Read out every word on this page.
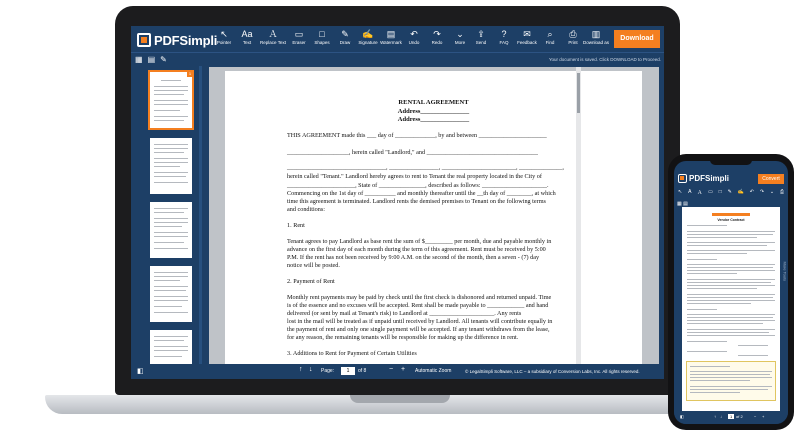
PDFSimpli ↖
Pointer
Aa
Text
Ａ
Replace Text
▭
Eraser
□
Shapes
✎
Draw
✍
Signature
▤
Watermark
↶
Undo
↷
Redo
⌄
More
⇪
Send
?
FAQ
✉
Feedback
⌕
Find
⎙
Print
▥
Download as
Download
▦ ▤ ✎	Your document is saved. Click DOWNLOAD to Proceed.
1
RENTAL AGREEMENT
Address_______________
Address_______________
THIS AGREEMENT made this ___ day of _____________, by and between ______________________
____________________, herein called "Landlord," and ____________________________________
________________________________, ________________, ________________________, ______________,
herein called "Tenant." Landlord hereby agrees to rent to Tenant the real property located in the City of
______________________, State of _______________, described as follows: _____________________.
Commencing on the 1st day of __________ and monthly thereafter until the __th day of ________, at which
time this agreement is terminated. Landlord rents the demised premises to Tenant on the following terms
and conditions:
1. Rent
Tenant agrees to pay Landlord as base rent the sum of $_________ per month, due and payable monthly in
advance on the first day of each month during the term of this agreement. Rent must be received by 5:00
P.M. If the rent has not been received by 9:00 A.M. on the second of the month, then a seven - (7) day
notice will be posted.
2. Payment of Rent
Monthly rent payments may be paid by check until the first check is dishonored and returned unpaid. Time
is of the essence and no excuses will be accepted. Rent shall be made payable to ____________ and hand
delivered (or sent by mail at Tenant's risk) to Landlord at _____________________. Any rents
lost in the mail will be treated as if unpaid until received by Landlord. All tenants will contribute equally in
the payment of rent and only one single payment will be accepted. If any tenant withdraws from the lease,
for any reason, the remaining tenants will be responsible for making up the difference in rent.
3. Additions to Rent for Payment of Certain Utilities
◧	↑ ↓ Page:	1	of 8	− + Automatic Zoom	© LegalSimpli Software, LLC – a subsidiary of Conversion Labs, Inc. All rights reserved.
PDFSimpli	Convert
↖ A Ａ ▭ □ ✎ ✍ ↶ ↷ ⌄ ⎙
▦ ▤
Vendor Contract
More Tools
◧	↑ ↓	1 of 2	− +
